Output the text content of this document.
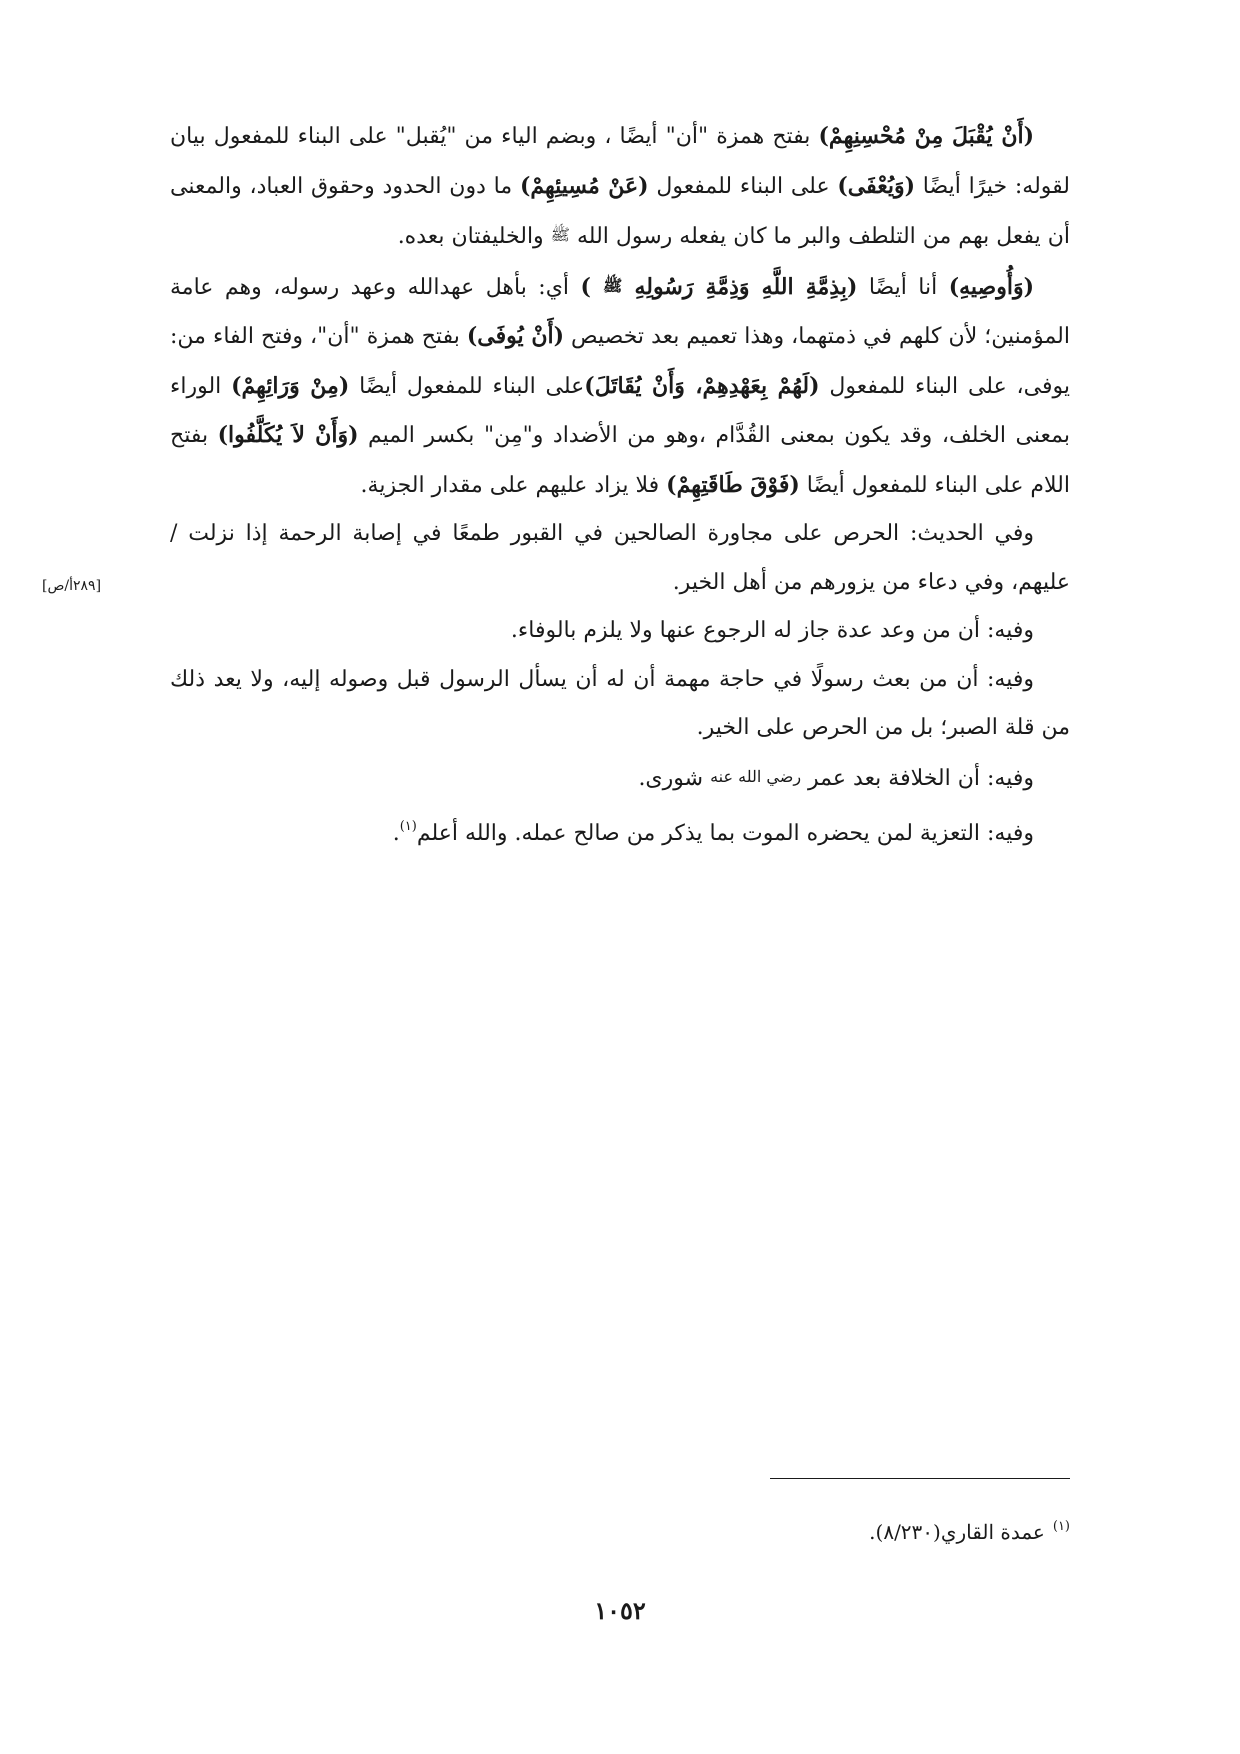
(أَنْ يُقْبَلَ مِنْ مُحْسِنِهِمْ) بفتح همزة "أن" أيضًا ، وبضم الياء من "يُقبل" على البناء للمفعول بيان لقوله: خيرًا أيضًا (وَيُعْفَى) على البناء للمفعول (عَنْ مُسِيئِهِمْ) ما دون الحدود وحقوق العباد، والمعنى أن يفعل بهم من التلطف والبر ما كان يفعله رسول الله ﷺ والخليفتان بعده.

(وَأُوصِيهِ) أنا أيضًا (بِذِمَّةِ اللَّهِ وَذِمَّةِ رَسُولِهِ ﷺ ) أي: بأهل عهدالله وعهد رسوله، وهم عامة المؤمنين؛ لأن كلهم في ذمتهما، وهذا تعميم بعد تخصيص (أَنْ يُوفَى) بفتح همزة "أن"، وفتح الفاء من: يوفى، على البناء للمفعول (لَهُمْ بِعَهْدِهِمْ، وَأَنْ يُقَاتَلَ)على البناء للمفعول أيضًا (مِنْ وَرَائِهِمْ) الوراء بمعنى الخلف، وقد يكون بمعنى القُدَّام ،وهو من الأضداد و"مِن" بكسر الميم (وَأَنْ لاَ يُكَلَّفُوا) بفتح اللام على البناء للمفعول أيضًا (فَوْقَ طَاقَتِهِمْ) فلا يزاد عليهم على مقدار الجزية.

وفي الحديث: الحرص على مجاورة الصالحين في القبور طمعًا في إصابة الرحمة إذا نزلت / عليهم، وفي دعاء من يزورهم من أهل الخير.

وفيه: أن من وعد عدة جاز له الرجوع عنها ولا يلزم بالوفاء.

وفيه: أن من بعث رسولًا في حاجة مهمة أن له أن يسأل الرسول قبل وصوله إليه، ولا يعد ذلك من قلة الصبر؛ بل من الحرص على الخير.

وفيه: أن الخلافة بعد عمر رضي الله عنه شورى.

وفيه: التعزية لمن يحضره الموت بما يذكر من صالح عمله. والله أعلم$^{(١)}$.

[٢٨٩أ/ص]
$^{(١)}$عمدة القاري(٨/٢٣٠).
١٠٥٢
